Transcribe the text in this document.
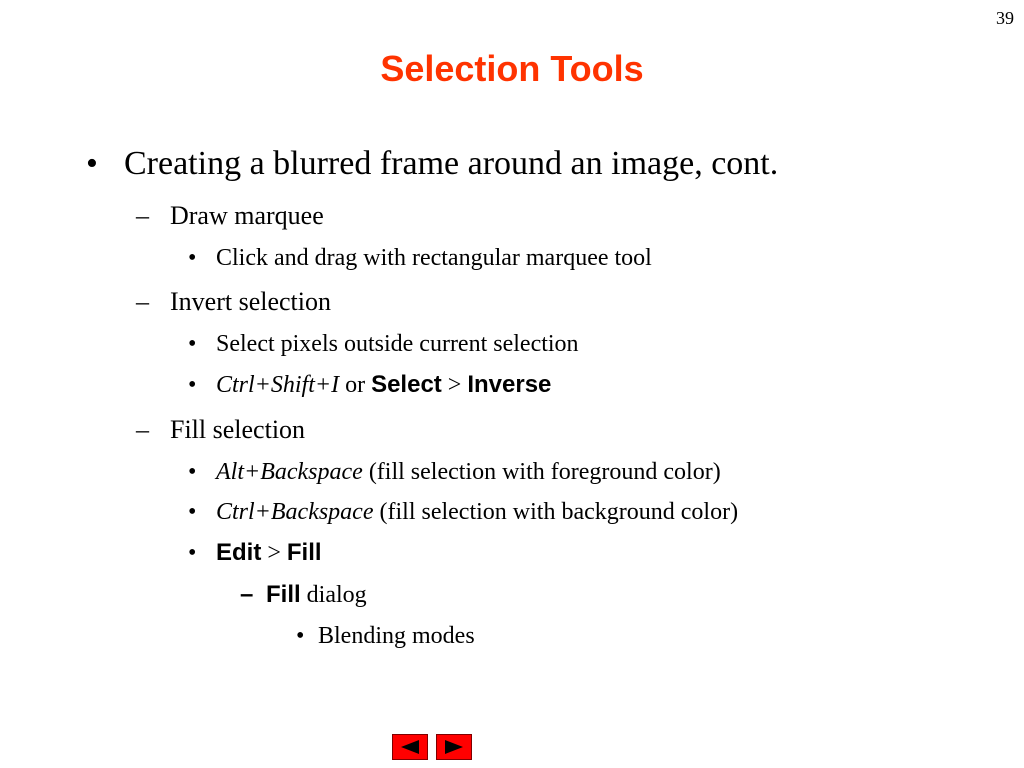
39
Selection Tools
• Creating a blurred frame around an image, cont.
– Draw marquee
• Click and drag with rectangular marquee tool
– Invert selection
• Select pixels outside current selection
• Ctrl+Shift+I or Select > Inverse
– Fill selection
• Alt+Backspace (fill selection with foreground color)
• Ctrl+Backspace (fill selection with background color)
• Edit > Fill
– Fill dialog
• Blending modes
